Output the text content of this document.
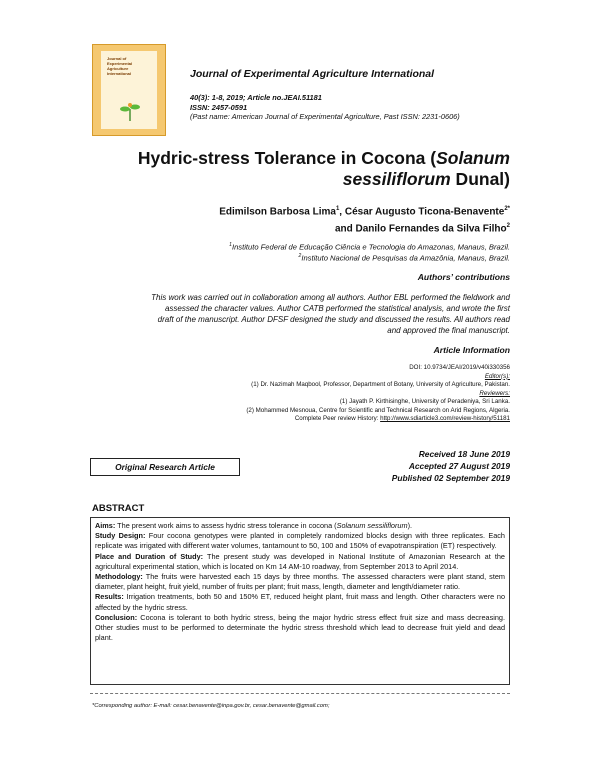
Journal of
Experimental
Agriculture
International	Journal of Experimental Agriculture International
40(3): 1-8, 2019; Article no.JEAI.51181
ISSN: 2457-0591
(Past name: American Journal of Experimental Agriculture, Past ISSN: 2231-0606)
Hydric-stress Tolerance in Cocona (Solanum
sessiliflorum Dunal)
Edimilson Barbosa Lima$^1$, César Augusto Ticona-Benavente$^{2*}$
and Danilo Fernandes da Silva Filho$^2$
$^1$Instituto Federal de Educação Ciência e Tecnologia do Amazonas, Manaus, Brazil.
$^2$Instituto Nacional de Pesquisas da Amazônia, Manaus, Brazil.
Authors’ contributions
This work was carried out in collaboration among all authors. Author EBL performed the fieldwork and
assessed the character values. Author CATB performed the statistical analysis, and wrote the first
draft of the manuscript. Author DFSF designed the study and discussed the results. All authors read
and approved the final manuscript.
Article Information
DOI: 10.9734/JEAI/2019/v40i330356
Editor(s):
(1) Dr. Nazimah Maqbool, Professor, Department of Botany, University of Agriculture, Pakistan.
Reviewers:
(1) Jayath P. Kirthisinghe, University of Peradeniya, Sri Lanka.
(2) Mohammed Mesnoua, Centre for Scientific and Technical Research on Arid Regions, Algeria.
Complete Peer review History: http://www.sdiarticle3.com/review-history/51181
Original Research Article
Received 18 June 2019
Accepted 27 August 2019
Published 02 September 2019
ABSTRACT

Aims: The present work aims to assess hydric stress tolerance in cocona (Solanum sessiliflorum).

Study Design: Four cocona genotypes were planted in completely randomized blocks design with three replicates. Each replicate was irrigated with different water volumes, tantamount to 50, 100 and 150% of evapotranspiration (ET) respectively.

Place and Duration of Study: The present study was developed in National Institute of Amazonian Research at the agricultural experimental station, which is located on Km 14 AM-10 roadway, from September 2013 to April 2014.

Methodology: The fruits were harvested each 15 days by three months. The assessed characters were plant stand, stem diameter, plant height, fruit yield, number of fruits per plant; fruit mass, length, diameter and length/diameter ratio.

Results: Irrigation treatments, both 50 and 150% ET, reduced height plant, fruit mass and length. Other characters were no affected by the hydric stress.

Conclusion: Cocona is tolerant to both hydric stress, being the major hydric stress effect fruit size and mass decreasing. Other studies must to be performed to determinate the hydric stress threshold which lead to decrease fruit yield and dead plant.

*Corresponding author: E-mail: cesar.benavente@inpa.gov.br, cesar.benavente@gmail.com;
